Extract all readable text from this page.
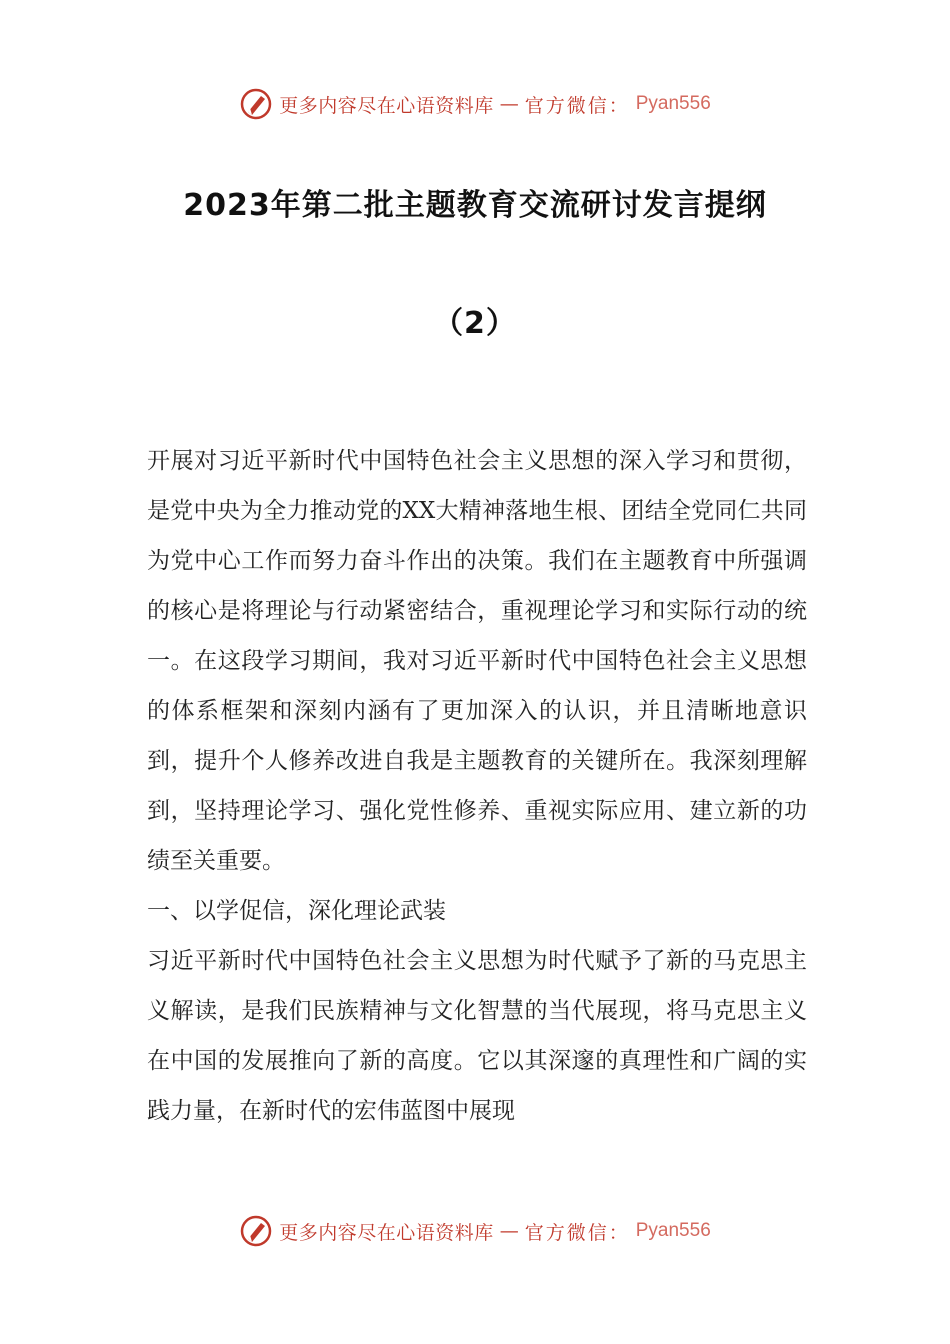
更多内容尽在心语资料库 — 官方微信： Pyan556
2023年第二批主题教育交流研讨发言提纲
（2）
开展对习近平新时代中国特色社会主义思想的深入学习和贯彻，是党中央为全力推动党的XX大精神落地生根、团结全党同仁共同为党中心工作而努力奋斗作出的决策。我们在主题教育中所强调的核心是将理论与行动紧密结合，重视理论学习和实际行动的统一。在这段学习期间，我对习近平新时代中国特色社会主义思想的体系框架和深刻内涵有了更加深入的认识，并且清晰地意识到，提升个人修养改进自我是主题教育的关键所在。我深刻理解到，坚持理论学习、强化党性修养、重视实际应用、建立新的功绩至关重要。
一、以学促信，深化理论武装
习近平新时代中国特色社会主义思想为时代赋予了新的马克思主义解读，是我们民族精神与文化智慧的当代展现，将马克思主义在中国的发展推向了新的高度。它以其深邃的真理性和广阔的实践力量，在新时代的宏伟蓝图中展现
更多内容尽在心语资料库 — 官方微信： Pyan556
